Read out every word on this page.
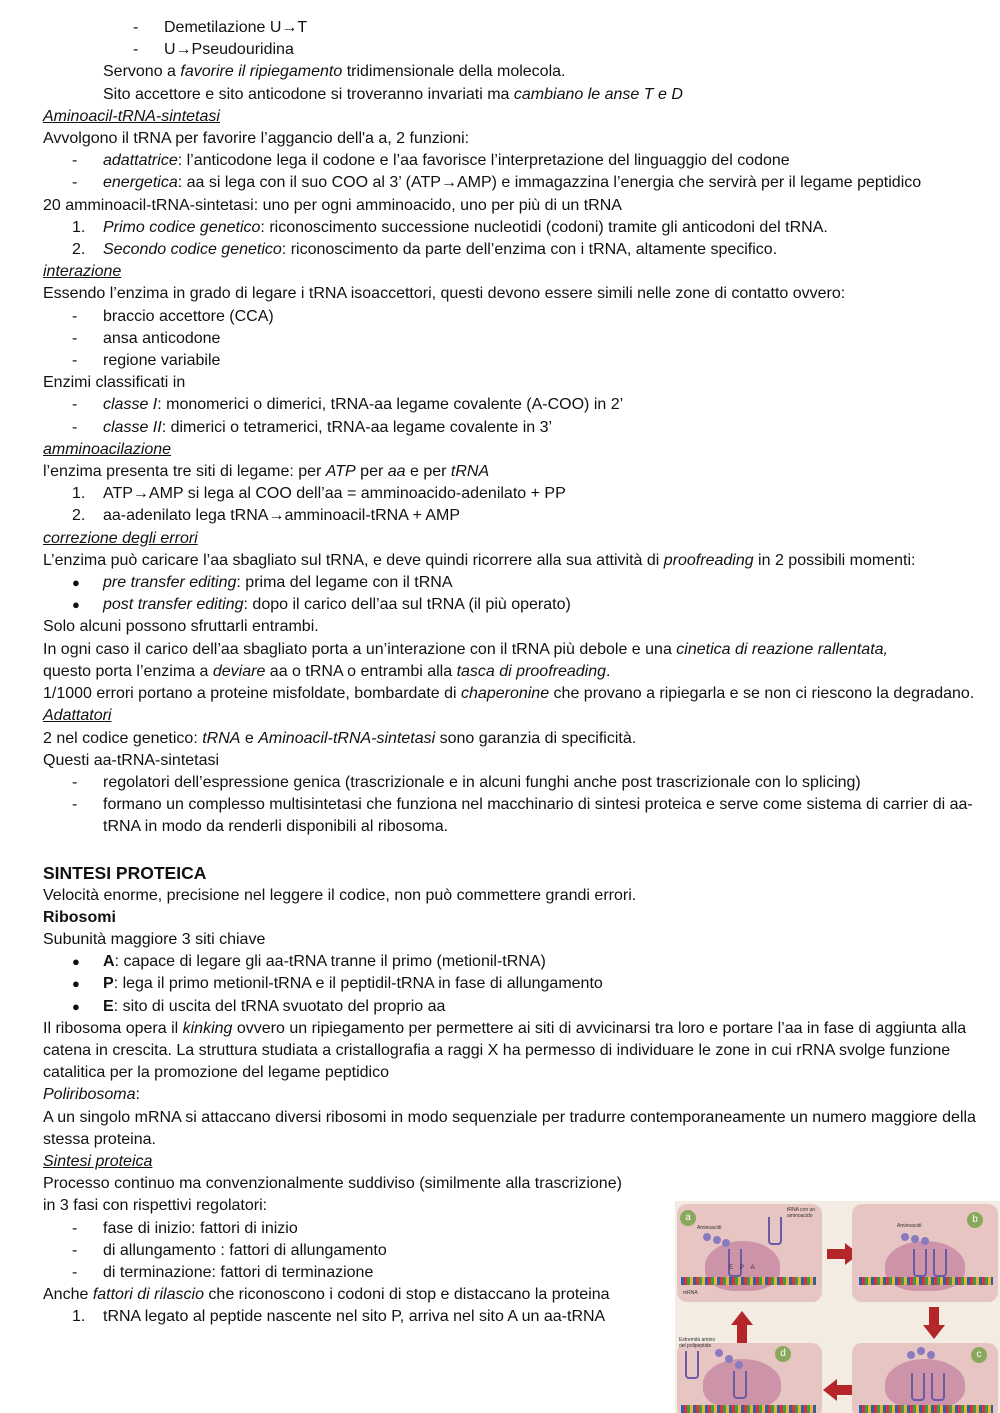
- Demetilazione U→T
- U→Pseudouridina
Servono a favorire il ripiegamento tridimensionale della molecola.
Sito accettore e sito anticodone si troveranno invariati ma cambiano le anse T e D
Aminoacil-tRNA-sintetasi
Avvolgono il tRNA per favorire l’aggancio dell'a a, 2 funzioni:
- adattatrice: l’anticodone lega il codone e l’aa favorisce l’interpretazione del linguaggio del codone
- energetica: aa si lega con il suo COO al 3’ (ATP→AMP) e immagazzina l’energia che servirà per il legame peptidico
20 amminoacil-tRNA-sintetasi: uno per ogni amminoacido, uno per più di un tRNA
1. Primo codice genetico: riconoscimento successione nucleotidi (codoni) tramite gli anticodoni del tRNA.
2. Secondo codice genetico: riconoscimento da parte dell’enzima con i tRNA, altamente specifico.
interazione
Essendo l’enzima in grado di legare i tRNA isoaccettori, questi devono essere simili nelle zone di contatto ovvero:
- braccio accettore (CCA)
- ansa anticodone
- regione variabile
Enzimi classificati in
- classe I: monomerici o dimerici, tRNA-aa legame covalente (A-COO) in 2’
- classe II: dimerici o tetramerici, tRNA-aa legame covalente in 3’
amminoacilazione
l’enzima presenta tre siti di legame: per ATP per aa e per tRNA
1. ATP→AMP si lega al COO dell’aa = amminoacido-adenilato + PP
2. aa-adenilato lega tRNA→amminoacil-tRNA + AMP
correzione degli errori
L’enzima può caricare l’aa sbagliato sul tRNA, e deve quindi ricorrere alla sua attività di proofreading in 2 possibili momenti:
● pre transfer editing: prima del legame con il tRNA
● post transfer editing: dopo il carico dell’aa sul tRNA (il più operato)
Solo alcuni possono sfruttarli entrambi.
In ogni caso il carico dell’aa sbagliato porta a un’interazione con il tRNA più debole e una cinetica di reazione rallentata,
questo porta l’enzima a deviare aa o tRNA o entrambi alla tasca di proofreading.
1/1000 errori portano a proteine misfoldate, bombardate di chaperonine che provano a ripiegarla e se non ci riescono la degradano.
Adattatori
2 nel codice genetico: tRNA e Aminoacil-tRNA-sintetasi sono garanzia di specificità.
Questi aa-tRNA-sintetasi
- regolatori dell’espressione genica (trascrizionale e in alcuni funghi anche post trascrizionale con lo splicing)
- formano un complesso multisintetasi che funziona nel macchinario di sintesi proteica e serve come sistema di carrier di aa-tRNA in modo da renderli disponibili al ribosoma.
SINTESI PROTEICA
Velocità enorme, precisione nel leggere il codice, non può commettere grandi errori.
Ribosomi
Subunità maggiore 3 siti chiave
● A: capace di legare gli aa-tRNA tranne il primo (metionil-tRNA)
● P: lega il primo metionil-tRNA e il peptidil-tRNA in fase di allungamento
● E: sito di uscita del tRNA svuotato del proprio aa
Il ribosoma opera il kinking ovvero un ripiegamento per permettere ai siti di avvicinarsi tra loro e portare l’aa in fase di aggiunta alla catena in crescita. La struttura studiata a cristallografia a raggi X ha permesso di individuare le zone in cui rRNA svolge funzione catalitica per la promozione del legame peptidico
Poliribosoma:
A un singolo mRNA si attaccano diversi ribosomi in modo sequenziale per tradurre contemporaneamente un numero maggiore della stessa proteina.
Sintesi proteica
Processo continuo ma convenzionalmente suddiviso (similmente alla trascrizione)
in 3 fasi con rispettivi regolatori:
- fase di inizio: fattori di inizio
- di allungamento : fattori di allungamento
- di terminazione: fattori di terminazione
Anche fattori di rilascio che riconoscono i codoni di stop e distaccano la proteina
1. tRNA legato al peptide nascente nel sito P, arriva nel sito A un aa-tRNA
a
Aminoacidi
tRNA con un aminoacido
mRNA
EPA
b
Aminoacidi
d
Estremità amino del polipeptide
c
